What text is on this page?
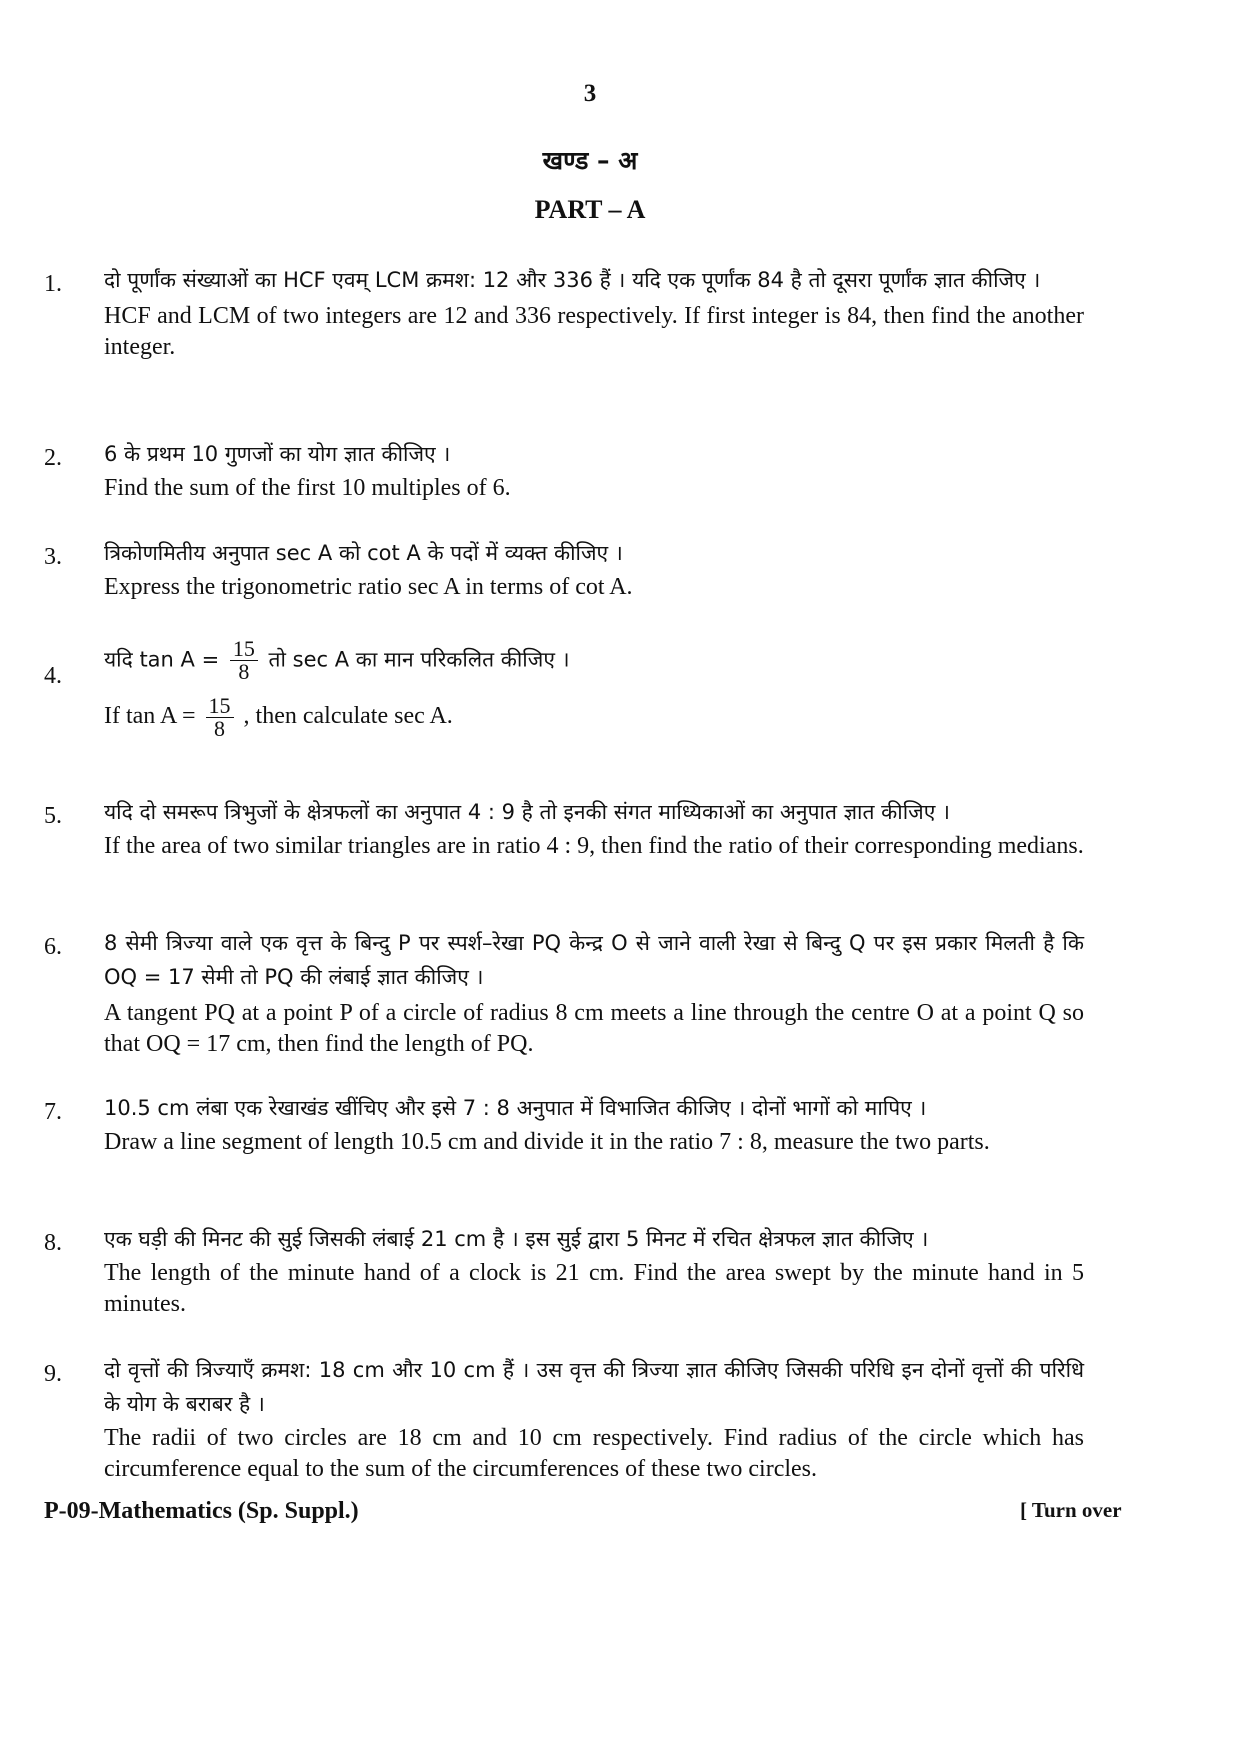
3
खण्ड – अ
PART – A
1.	दो पूर्णांक संख्याओं का HCF एवम् LCM क्रमश: 12 और 336 हैं । यदि एक पूर्णांक 84 है तो दूसरा पूर्णांक ज्ञात कीजिए ।

HCF and LCM of two integers are 12 and 336 respectively. If first integer is 84, then find the another integer.

2.	6 के प्रथम 10 गुणजों का योग ज्ञात कीजिए ।

Find the sum of the first 10 multiples of 6.

3.	त्रिकोणमितीय अनुपात sec A को cot A के पदों में व्यक्त कीजिए ।

Express the trigonometric ratio sec A in terms of cot A.

4.
यदि $\tan A = \frac{15}{8}$ तो sec A का मान परिकलित कीजिए ।
If $\tan A = \frac{15}{8}$ , then calculate sec A.
5.	यदि दो समरूप त्रिभुजों के क्षेत्रफलों का अनुपात 4 : 9 है तो इनकी संगत माध्यिकाओं का अनुपात ज्ञात कीजिए ।

If the area of two similar triangles are in ratio 4 : 9, then find the ratio of their corresponding medians.

6.	8 सेमी त्रिज्या वाले एक वृत्त के बिन्दु P पर स्पर्श–रेखा PQ केन्द्र O से जाने वाली रेखा से बिन्दु Q पर इस प्रकार मिलती है कि OQ = 17 सेमी तो PQ की लंबाई ज्ञात कीजिए ।

A tangent PQ at a point P of a circle of radius 8 cm meets a line through the centre O at a point Q so that OQ = 17 cm, then find the length of PQ.

7.	10.5 cm लंबा एक रेखाखंड खींचिए और इसे 7 : 8 अनुपात में विभाजित कीजिए । दोनों भागों को मापिए ।

Draw a line segment of length 10.5 cm and divide it in the ratio 7 : 8, measure the two parts.

8.	एक घड़ी की मिनट की सुई जिसकी लंबाई 21 cm है । इस सुई द्वारा 5 मिनट में रचित क्षेत्रफल ज्ञात कीजिए ।

The length of the minute hand of a clock is 21 cm. Find the area swept by the minute hand in 5 minutes.

9.	दो वृत्तों की त्रिज्याएँ क्रमश: 18 cm और 10 cm हैं । उस वृत्त की त्रिज्या ज्ञात कीजिए जिसकी परिधि इन दोनों वृत्तों की परिधि के योग के बराबर है ।

The radii of two circles are 18 cm and 10 cm respectively. Find radius of the circle which has circumference equal to the sum of the circumferences of these two circles.

P-09-Mathematics (Sp. Suppl.)	[ Turn over
